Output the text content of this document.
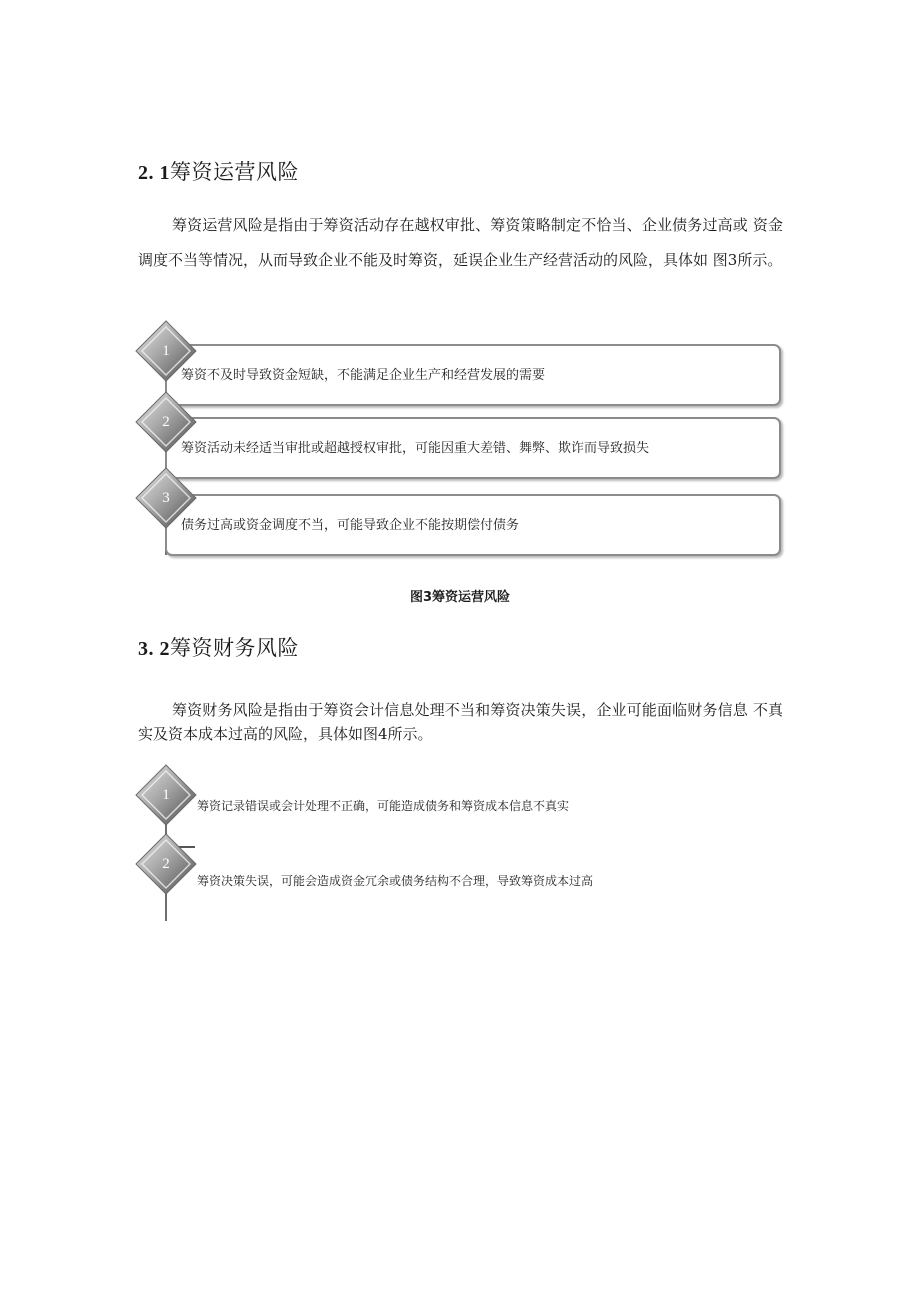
2. 1筹资运营风险

筹资运营风险是指由于筹资活动存在越权审批、筹资策略制定不恰当、企业债务过高或 资金调度不当等情况，从而导致企业不能及时筹资，延误企业生产经营活动的风险，具体如 图3所示。

筹资不及时导致资金短缺，不能满足企业生产和经营发展的需要
1
筹资活动未经适当审批或超越授权审批，可能因重大差错、舞弊、欺诈而导致损失
2
债务过高或资金调度不当，可能导致企业不能按期偿付债务
3
图3筹资运营风险
3. 2筹资财务风险

筹资财务风险是指由于筹资会计信息处理不当和筹资决策失误，企业可能面临财务信息 不真实及资本成本过高的风险，具体如图4所示。

1
筹资记录错误或会计处理不正确，可能造成债务和筹资成本信息不真实
2
筹资决策失误，可能会造成资金冗余或债务结构不合理，导致筹资成本过高
